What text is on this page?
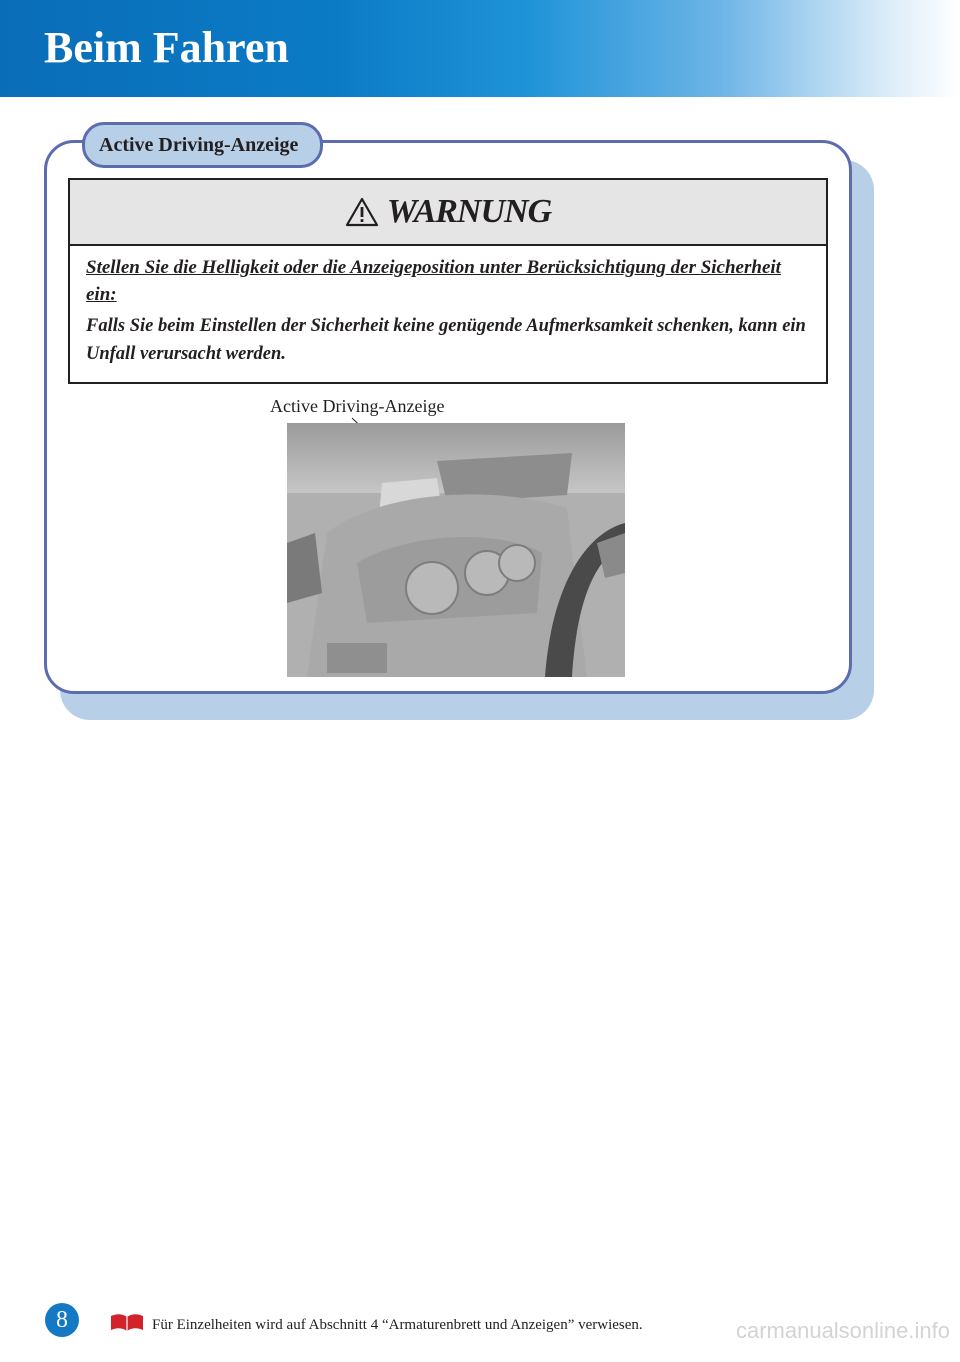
Beim Fahren
Active Driving-Anzeige
WARNUNG

Stellen Sie die Helligkeit oder die Anzeigeposition unter Berücksichtigung der Sicherheit ein:

Falls Sie beim Einstellen der Sicherheit keine genügende Aufmerksamkeit schenken, kann ein Unfall verursacht werden.

Active Driving-Anzeige
8	Für Einzelheiten wird auf Abschnitt 4 “Armaturenbrett und Anzeigen” verwiesen.	carmanualsonline.info
